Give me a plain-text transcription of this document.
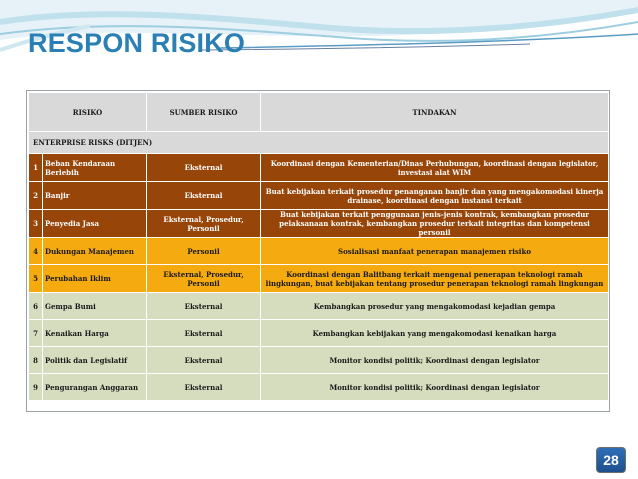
RESPON RISIKO
RISIKO		SUMBER RISIKO	TINDAKAN
ENTERPRISE RISKS (DITJEN)			
1	Beban Kendaraan Berlebih	Eksternal	Koordinasi dengan Kementerian/Dinas Perhubungan, koordinasi dengan legislator, investasi alat WIM
2	Banjir	Eksternal	Buat kebijakan terkait prosedur penanganan banjir dan yang mengakomodasi kinerja drainase, koordinasi dengan instansi terkait
3	Penyedia Jasa	Eksternal, Prosedur, Personil	Buat kebijakan terkait penggunaan jenis-jenis kontrak, kembangkan prosedur pelaksanaan kontrak, kembangkan prosedur terkait integritas dan kompetensi personil
4	Dukungan Manajemen	Personil	Sosialisasi manfaat penerapan manajemen risiko
5	Perubahan Iklim	Eksternal, Prosedur, Personil	Koordinasi dengan Balitbang terkait mengenai penerapan teknologi ramah lingkungan, buat kebijakan tentang prosedur penerapan teknologi ramah lingkungan
6	Gempa Bumi	Eksternal	Kembangkan prosedur yang mengakomodasi kejadian gempa
7	Kenaikan Harga	Eksternal	Kembangkan kebijakan yang mengakomodasi kenaikan harga
8	Politik dan Legislatif	Eksternal	Monitor kondisi politik; Koordinasi dengan legislator
9	Pengurangan Anggaran	Eksternal	Monitor kondisi politik; Koordinasi dengan legislator
28
